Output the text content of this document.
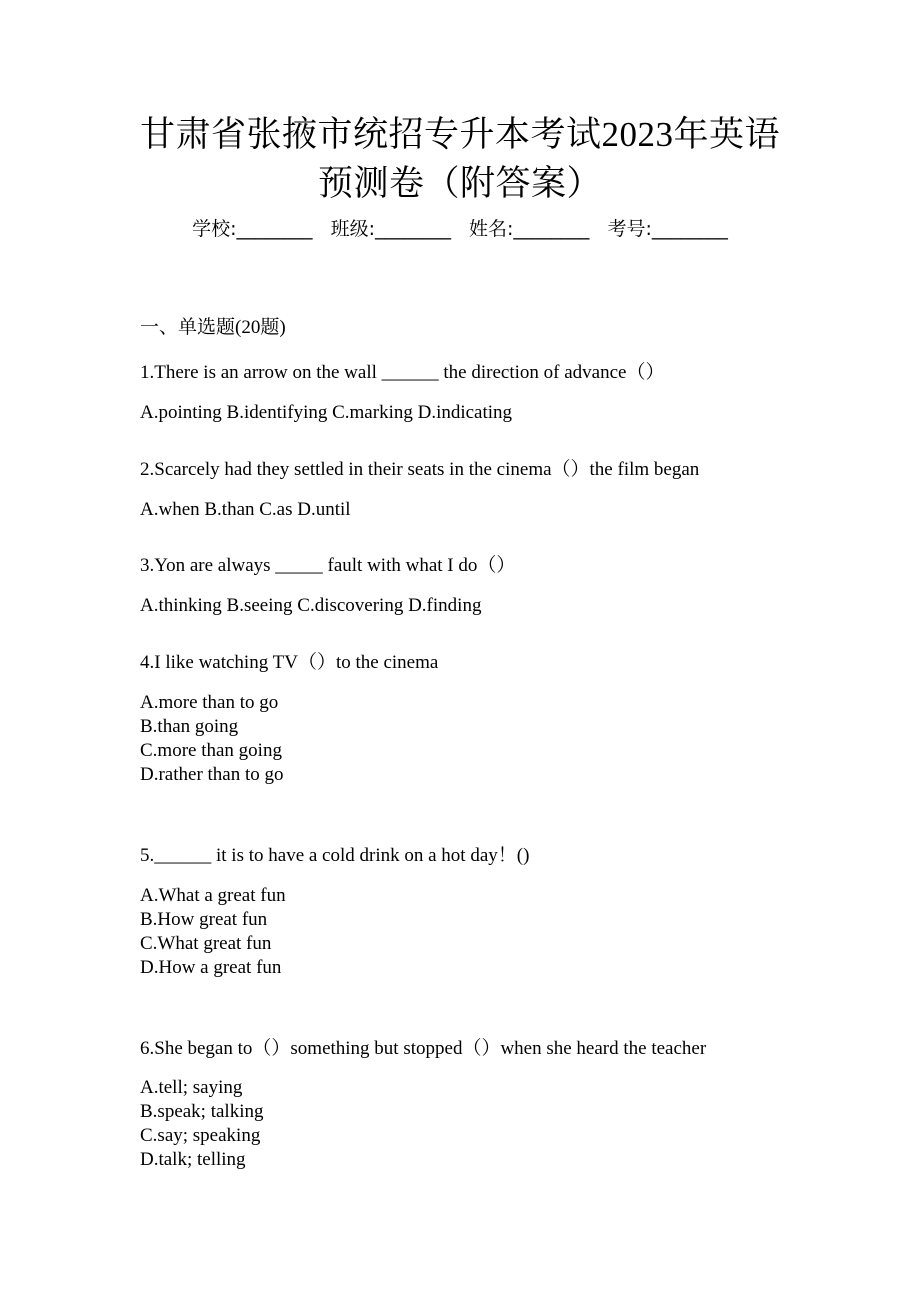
甘肃省张掖市统招专升本考试2023年英语
预测卷（附答案）
学校:________ 班级:________ 姓名:________ 考号:________
一、单选题(20题)
1.There is an arrow on the wall ______ the direction of advance（）
A.pointing B.identifying C.marking D.indicating
2.Scarcely had they settled in their seats in the cinema（）the film began
A.when B.than C.as D.until
3.Yon are always _____ fault with what I do（）
A.thinking B.seeing C.discovering D.finding
4.I like watching TV（）to the cinema
A.more than to go
B.than going
C.more than going
D.rather than to go
5.______ it is to have a cold drink on a hot day！()
A.What a great fun
B.How great fun
C.What great fun
D.How a great fun
6.She began to（）something but stopped（）when she heard the teacher
A.tell; saying
B.speak; talking
C.say; speaking
D.talk; telling
